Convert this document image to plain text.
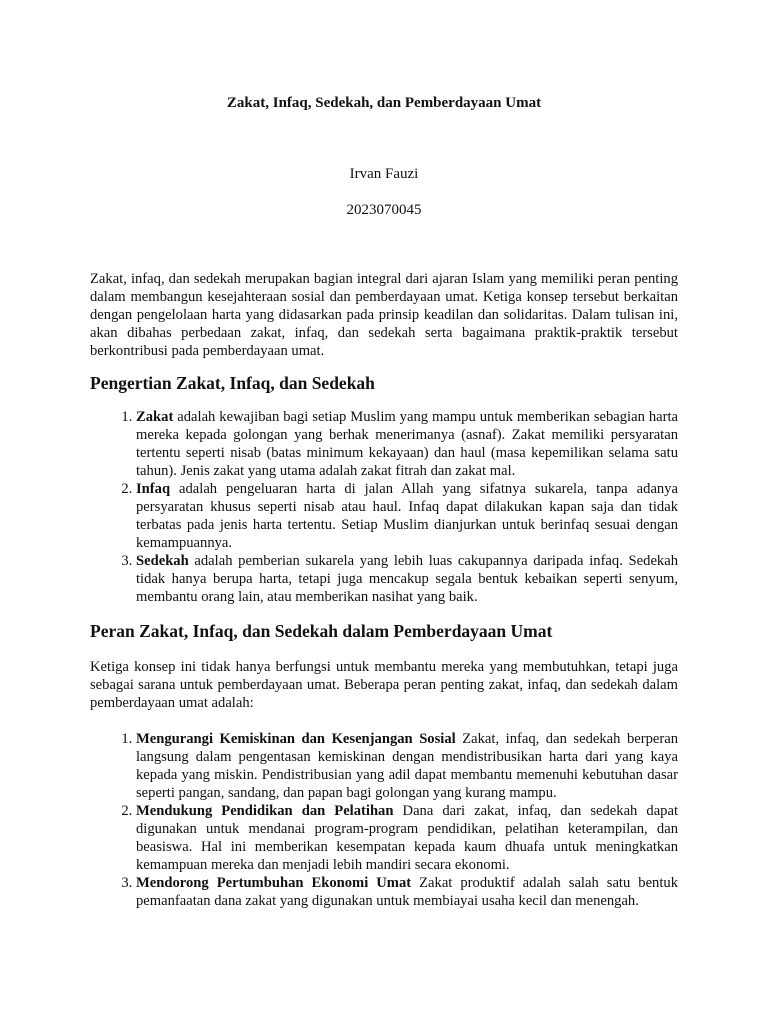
Zakat, Infaq, Sedekah, dan Pemberdayaan Umat
Irvan Fauzi
2023070045

Zakat, infaq, dan sedekah merupakan bagian integral dari ajaran Islam yang memiliki peran penting dalam membangun kesejahteraan sosial dan pemberdayaan umat. Ketiga konsep tersebut berkaitan dengan pengelolaan harta yang didasarkan pada prinsip keadilan dan solidaritas. Dalam tulisan ini, akan dibahas perbedaan zakat, infaq, dan sedekah serta bagaimana praktik-praktik tersebut berkontribusi pada pemberdayaan umat.

Pengertian Zakat, Infaq, dan Sedekah
1. Zakat adalah kewajiban bagi setiap Muslim yang mampu untuk memberikan sebagian harta mereka kepada golongan yang berhak menerimanya (asnaf). Zakat memiliki persyaratan tertentu seperti nisab (batas minimum kekayaan) dan haul (masa kepemilikan selama satu tahun). Jenis zakat yang utama adalah zakat fitrah dan zakat mal.
2. Infaq adalah pengeluaran harta di jalan Allah yang sifatnya sukarela, tanpa adanya persyaratan khusus seperti nisab atau haul. Infaq dapat dilakukan kapan saja dan tidak terbatas pada jenis harta tertentu. Setiap Muslim dianjurkan untuk berinfaq sesuai dengan kemampuannya.
3. Sedekah adalah pemberian sukarela yang lebih luas cakupannya daripada infaq. Sedekah tidak hanya berupa harta, tetapi juga mencakup segala bentuk kebaikan seperti senyum, membantu orang lain, atau memberikan nasihat yang baik.
Peran Zakat, Infaq, dan Sedekah dalam Pemberdayaan Umat

Ketiga konsep ini tidak hanya berfungsi untuk membantu mereka yang membutuhkan, tetapi juga sebagai sarana untuk pemberdayaan umat. Beberapa peran penting zakat, infaq, dan sedekah dalam pemberdayaan umat adalah:

1. Mengurangi Kemiskinan dan Kesenjangan Sosial Zakat, infaq, dan sedekah berperan langsung dalam pengentasan kemiskinan dengan mendistribusikan harta dari yang kaya kepada yang miskin. Pendistribusian yang adil dapat membantu memenuhi kebutuhan dasar seperti pangan, sandang, dan papan bagi golongan yang kurang mampu.
2. Mendukung Pendidikan dan Pelatihan Dana dari zakat, infaq, dan sedekah dapat digunakan untuk mendanai program-program pendidikan, pelatihan keterampilan, dan beasiswa. Hal ini memberikan kesempatan kepada kaum dhuafa untuk meningkatkan kemampuan mereka dan menjadi lebih mandiri secara ekonomi.
3. Mendorong Pertumbuhan Ekonomi Umat Zakat produktif adalah salah satu bentuk pemanfaatan dana zakat yang digunakan untuk membiayai usaha kecil dan menengah.
